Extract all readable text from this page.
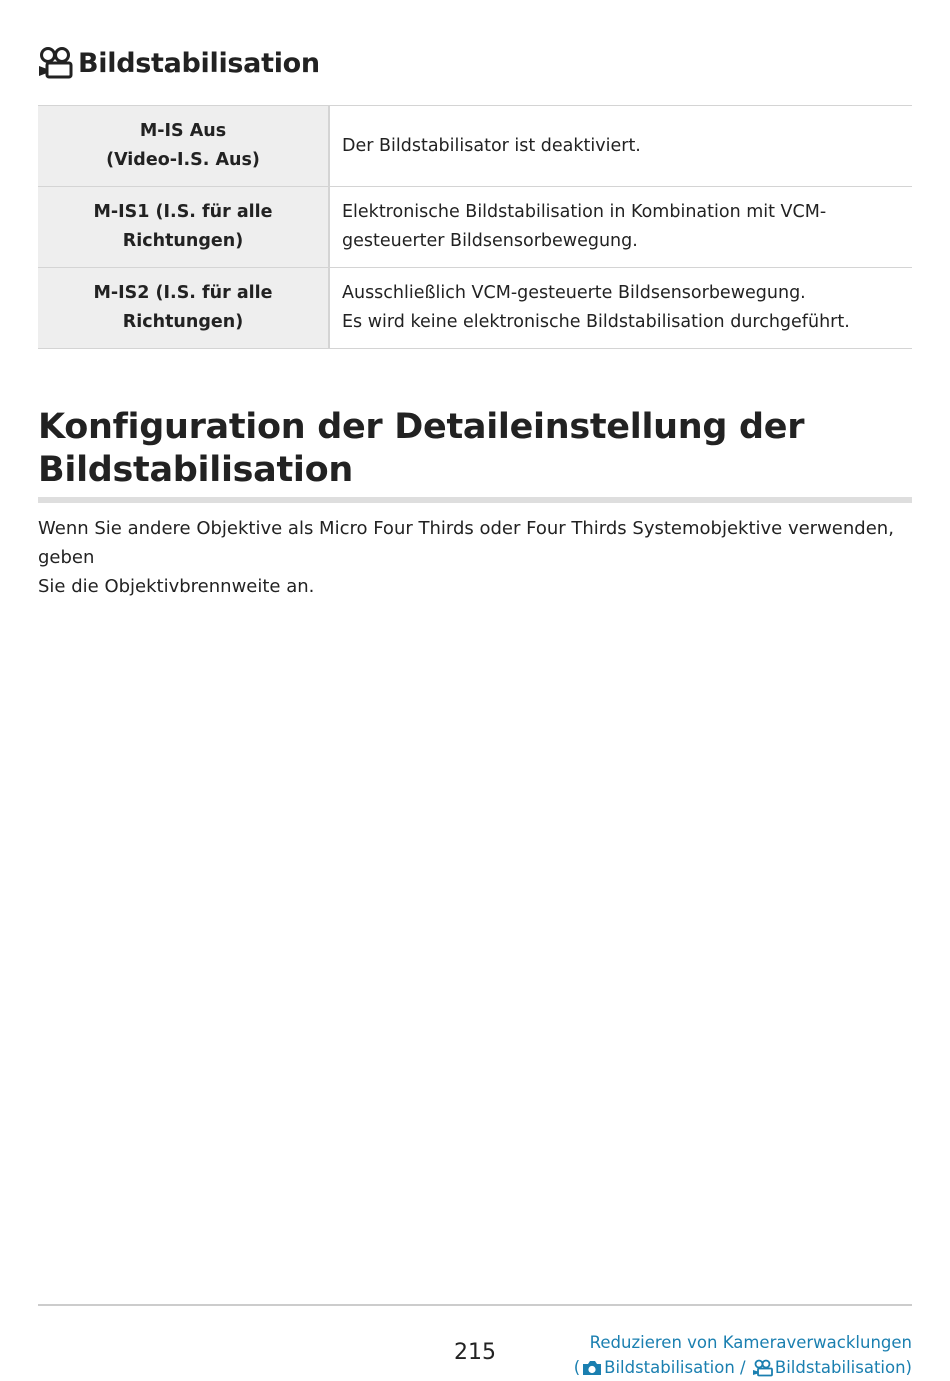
Bildstabilisation
M-IS Aus
(Video-I.S. Aus)	Der Bildstabilisator ist deaktiviert.

M-IS1 (I.S. für alle Richtungen)	Elektronische Bildstabilisation in Kombination mit VCM-
gesteuerter Bildsensorbewegung.

M-IS2 (I.S. für alle Richtungen)	Ausschließlich VCM-gesteuerte Bildsensorbewegung.
Es wird keine elektronische Bildstabilisation durchgeführt.
Konfiguration der Detaileinstellung der
Bildstabilisation

Wenn Sie andere Objektive als Micro Four Thirds oder Four Thirds Systemobjektive verwenden, geben
Sie die Objektivbrennweite an.

215	Reduzieren von Kameraverwacklungen
( Bildstabilisation / Bildstabilisation)
